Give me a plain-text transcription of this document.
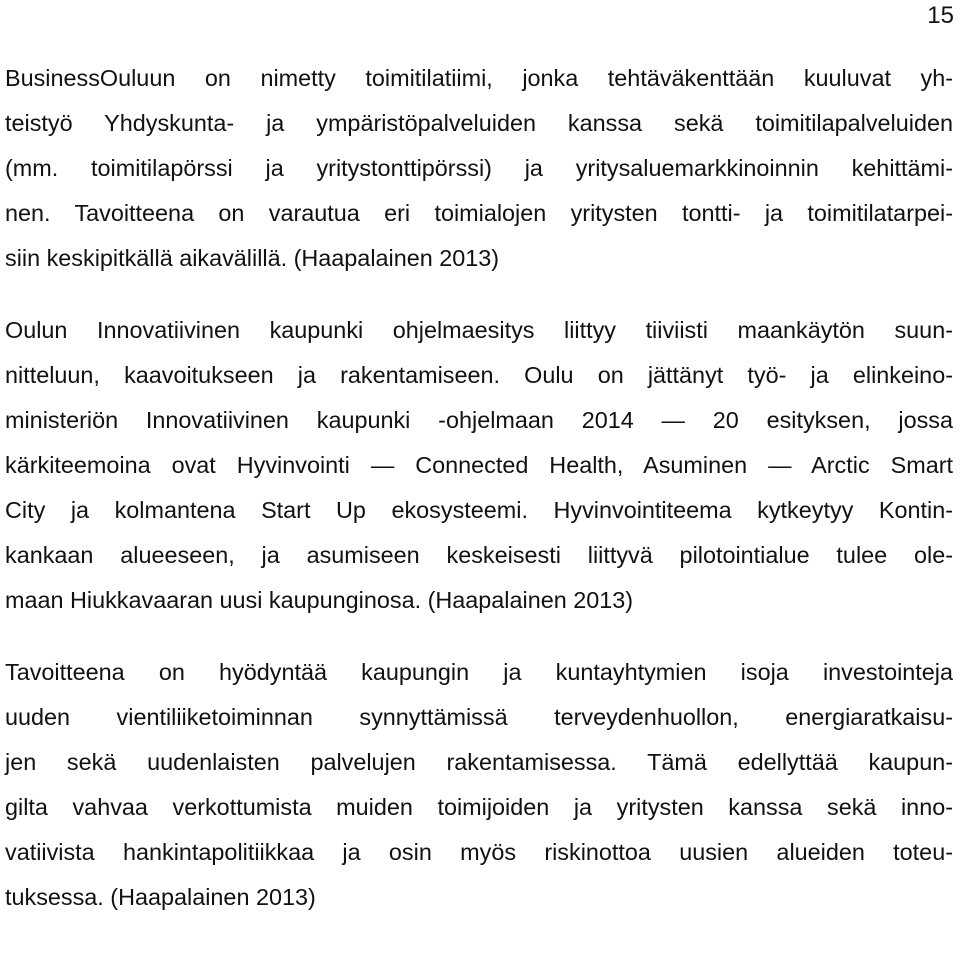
15
BusinessOuluun on nimetty toimitilatiimi, jonka tehtäväkenttään kuuluvat yh-
teistyö Yhdyskunta- ja ympäristöpalveluiden kanssa sekä toimitilapalveluiden
(mm. toimitilapörssi ja yritystonttipörssi) ja yritysaluemarkkinoinnin kehittämi-
nen. Tavoitteena on varautua eri toimialojen yritysten tontti- ja toimitilatarpei-
siin keskipitkällä aikavälillä. (Haapalainen 2013)
Oulun Innovatiivinen kaupunki ohjelmaesitys liittyy tiiviisti maankäytön suun-
nitteluun, kaavoitukseen ja rakentamiseen. Oulu on jättänyt työ- ja elinkeino-
ministeriön Innovatiivinen kaupunki -ohjelmaan 2014 — 20 esityksen, jossa
kärkiteemoina ovat Hyvinvointi — Connected Health, Asuminen — Arctic Smart
City ja kolmantena Start Up ekosysteemi. Hyvinvointiteema kytkeytyy Kontin-
kankaan alueeseen, ja asumiseen keskeisesti liittyvä pilotointialue tulee ole-
maan Hiukkavaaran uusi kaupunginosa. (Haapalainen 2013)
Tavoitteena on hyödyntää kaupungin ja kuntayhtymien isoja investointeja
uuden vientiliiketoiminnan synnyttämissä terveydenhuollon, energiaratkaisu-
jen sekä uudenlaisten palvelujen rakentamisessa. Tämä edellyttää kaupun-
gilta vahvaa verkottumista muiden toimijoiden ja yritysten kanssa sekä inno-
vatiivista hankintapolitiikkaa ja osin myös riskinottoa uusien alueiden toteu-
tuksessa. (Haapalainen 2013)
